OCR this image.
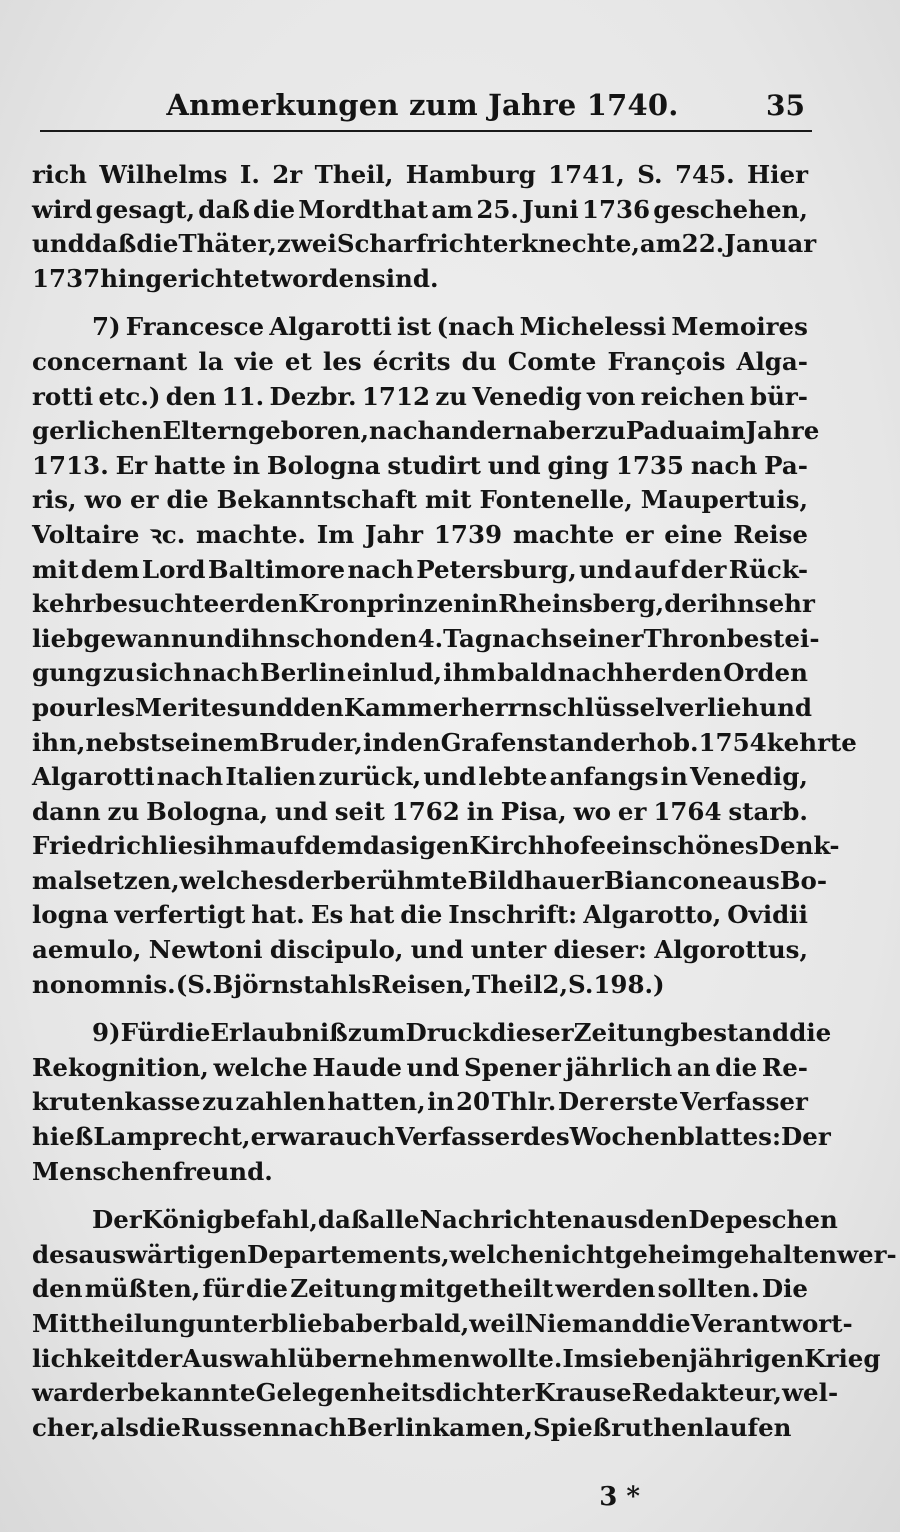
Anmerkungen zum Jahre 1740.	35
rich Wilhelms I. 2r Theil, Hamburg 1741, S. 745. Hier
wird gesagt, daß die Mordthat am 25. Juni 1736 geschehen,
und daß die Thäter, zwei Scharfrichterknechte, am 22. Januar
1737 hingerichtet worden sind.
7) Francesce Algarotti ist (nach Michelessi Memoires
concernant la vie et les écrits du Comte François Alga-
rotti etc.) den 11. Dezbr. 1712 zu Venedig von reichen bür-
gerlichen Eltern geboren, nach andern aber zu Padua im Jahre
1713. Er hatte in Bologna studirt und ging 1735 nach Pa-
ris, wo er die Bekanntschaft mit Fontenelle, Maupertuis,
Voltaire ꝛc. machte. Im Jahr 1739 machte er eine Reise
mit dem Lord Baltimore nach Petersburg, und auf der Rück-
kehr besuchte er den Kronprinzen in Rheinsberg, der ihn sehr
lieb gewann und ihn schon den 4. Tag nach seiner Thronbestei-
gung zu sich nach Berlin einlud, ihm bald nachher den Orden
pour les Merites und den Kammerherrnschlüssel verlieh und
ihn, nebst seinem Bruder, in den Grafenstand erhob. 1754 kehrte
Algarotti nach Italien zurück, und lebte anfangs in Venedig,
dann zu Bologna, und seit 1762 in Pisa, wo er 1764 starb.
Friedrich lies ihm auf dem dasigen Kirchhofe ein schönes Denk-
mal setzen, welches der berühmte Bildhauer Biancone aus Bo-
logna verfertigt hat. Es hat die Inschrift: Algarotto, Ovidii
aemulo, Newtoni discipulo, und unter dieser: Algorottus,
non omnis. (S. Björnstahls Reisen, Theil 2, S. 198.)
9) Für die Erlaubniß zum Druck dieser Zeitung bestand die
Rekognition, welche Haude und Spener jährlich an die Re-
krutenkasse zu zahlen hatten, in 20 Thlr. Der erste Verfasser
hieß Lamprecht, er war auch Verfasser des Wochenblattes: Der
Menschenfreund.
Der König befahl, daß alle Nachrichten aus den Depeschen
des auswärtigen Departements, welche nicht geheim gehalten wer-
den müßten, für die Zeitung mitgetheilt werden sollten. Die
Mittheilung unterblieb aber bald, weil Niemand die Verantwort-
lichkeit der Auswahl übernehmen wollte. Im siebenjährigen Krieg
war der bekannte Gelegenheitsdichter Krause Redakteur, wel-
cher, als die Russen nach Berlin kamen, Spießruthen laufen
3 *
